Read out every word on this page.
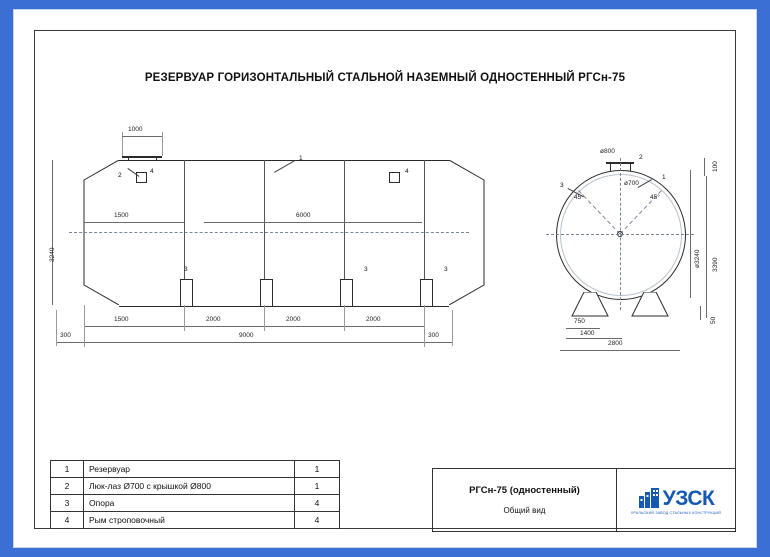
РЕЗЕРВУАР ГОРИЗОНТАЛЬНЫЙ СТАЛЬНОЙ НАЗЕМНЫЙ ОДНОСТЕННЫЙ РГСн-75
1
2
4	4
3	3	3
1000
3240
1500	6000
1500	2000	2000	2000
300	9000	300
2
1
3
ø800
ø700
100
ø3240 3390
45°	45°
750
1400
2800
50
1	Резервуар	1
2	Люк-лаз Ø700 с крышкой Ø800	1
3	Опора	4
4	Рым строповочный	4
РГСн-75 (одностенный)
Общий вид
УЗСК
УРАЛЬСКИЙ ЗАВОД СТАЛЬНЫХ КОНСТРУКЦИЙ
